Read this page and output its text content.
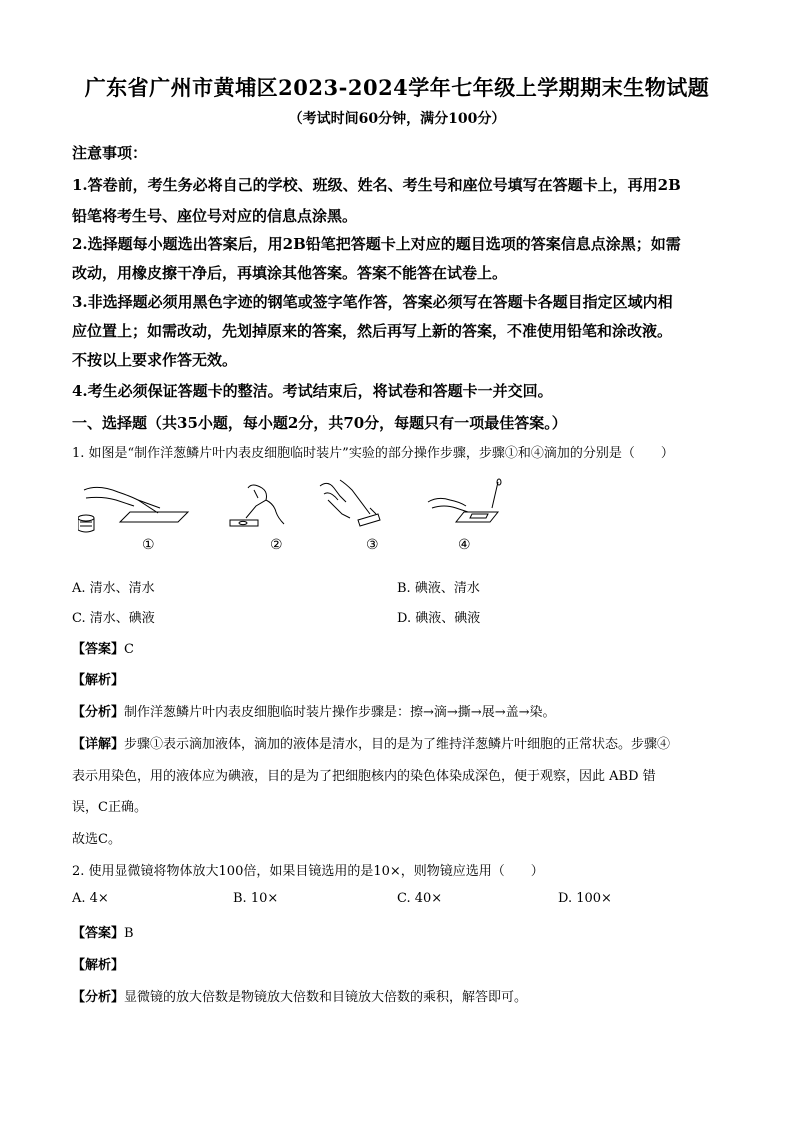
广东省广州市黄埔区2023-2024学年七年级上学期期末生物试题
（考试时间60分钟，满分100分）
注意事项：
1.答卷前，考生务必将自己的学校、班级、姓名、考生号和座位号填写在答题卡上，再用2B
铅笔将考生号、座位号对应的信息点涂黑。
2.选择题每小题选出答案后，用2B铅笔把答题卡上对应的题目选项的答案信息点涂黑；如需
改动，用橡皮擦干净后，再填涂其他答案。答案不能答在试卷上。
3.非选择题必须用黑色字迹的钢笔或签字笔作答，答案必须写在答题卡各题目指定区域内相
应位置上；如需改动，先划掉原来的答案，然后再写上新的答案，不准使用铅笔和涂改液。
不按以上要求作答无效。
4.考生必须保证答题卡的整洁。考试结束后，将试卷和答题卡一并交回。
一、选择题（共35小题，每小题2分，共70分，每题只有一项最佳答案。）
1. 如图是“制作洋葱鳞片叶内表皮细胞临时装片”实验的部分操作步骤，步骤①和④滴加的分别是（　　）
①	②	③	④
A. 清水、清水	B. 碘液、清水
C. 清水、碘液	D. 碘液、碘液
【答案】C
【解析】
【分析】制作洋葱鳞片叶内表皮细胞临时装片操作步骤是：擦→滴→撕→展→盖→染。
【详解】步骤①表示滴加液体，滴加的液体是清水，目的是为了维持洋葱鳞片叶细胞的正常状态。步骤④
表示用染色，用的液体应为碘液，目的是为了把细胞核内的染色体染成深色，便于观察，因此 ABD 错
误，C正确。
故选C。
2. 使用显微镜将物体放大100倍，如果目镜选用的是10×，则物镜应选用（　　）
A. 4×	B. 10×	C. 40×	D. 100×
【答案】B
【解析】
【分析】显微镜的放大倍数是物镜放大倍数和目镜放大倍数的乘积，解答即可。
